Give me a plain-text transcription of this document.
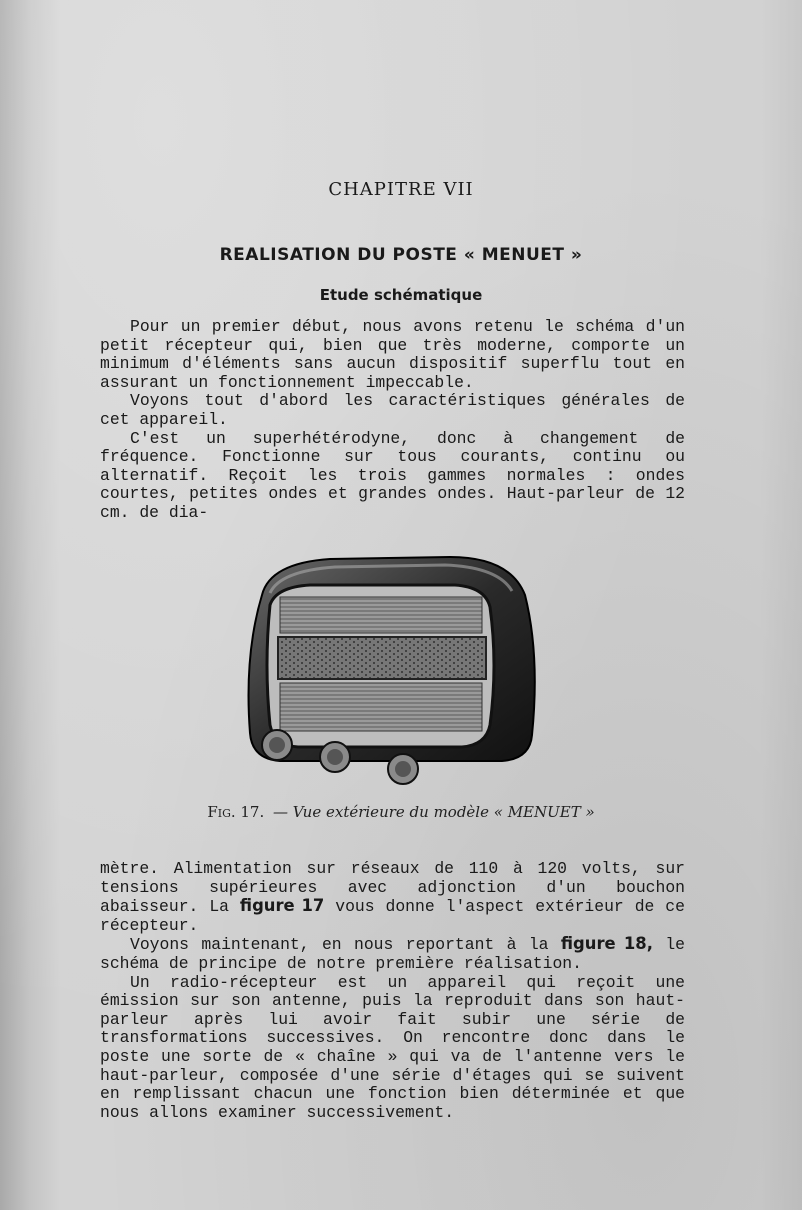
CHAPITRE VII
REALISATION DU POSTE « MENUET »
Etude schématique

Pour un premier début, nous avons retenu le schéma d'un petit récepteur qui, bien que très moderne, comporte un minimum d'éléments sans aucun dispositif superflu tout en assurant un fonctionnement impeccable.

Voyons tout d'abord les caractéristiques générales de cet appareil.

C'est un superhétérodyne, donc à changement de fréquence. Fonctionne sur tous courants, continu ou alternatif. Reçoit les trois gammes normales : ondes courtes, petites ondes et grandes ondes. Haut-parleur de 12 cm. de dia-

Fig. 17. — Vue extérieure du modèle « MENUET »

mètre. Alimentation sur réseaux de 110 à 120 volts, sur tensions supérieures avec adjonction d'un bouchon abaisseur. La figure 17 vous donne l'aspect extérieur de ce récepteur.

Voyons maintenant, en nous reportant à la figure 18, le schéma de principe de notre première réalisation.

Un radio-récepteur est un appareil qui reçoit une émission sur son antenne, puis la reproduit dans son haut-parleur après lui avoir fait subir une série de transformations successives. On rencontre donc dans le poste une sorte de « chaîne » qui va de l'antenne vers le haut-parleur, composée d'une série d'étages qui se suivent en remplissant chacun une fonction bien déterminée et que nous allons examiner successivement.
